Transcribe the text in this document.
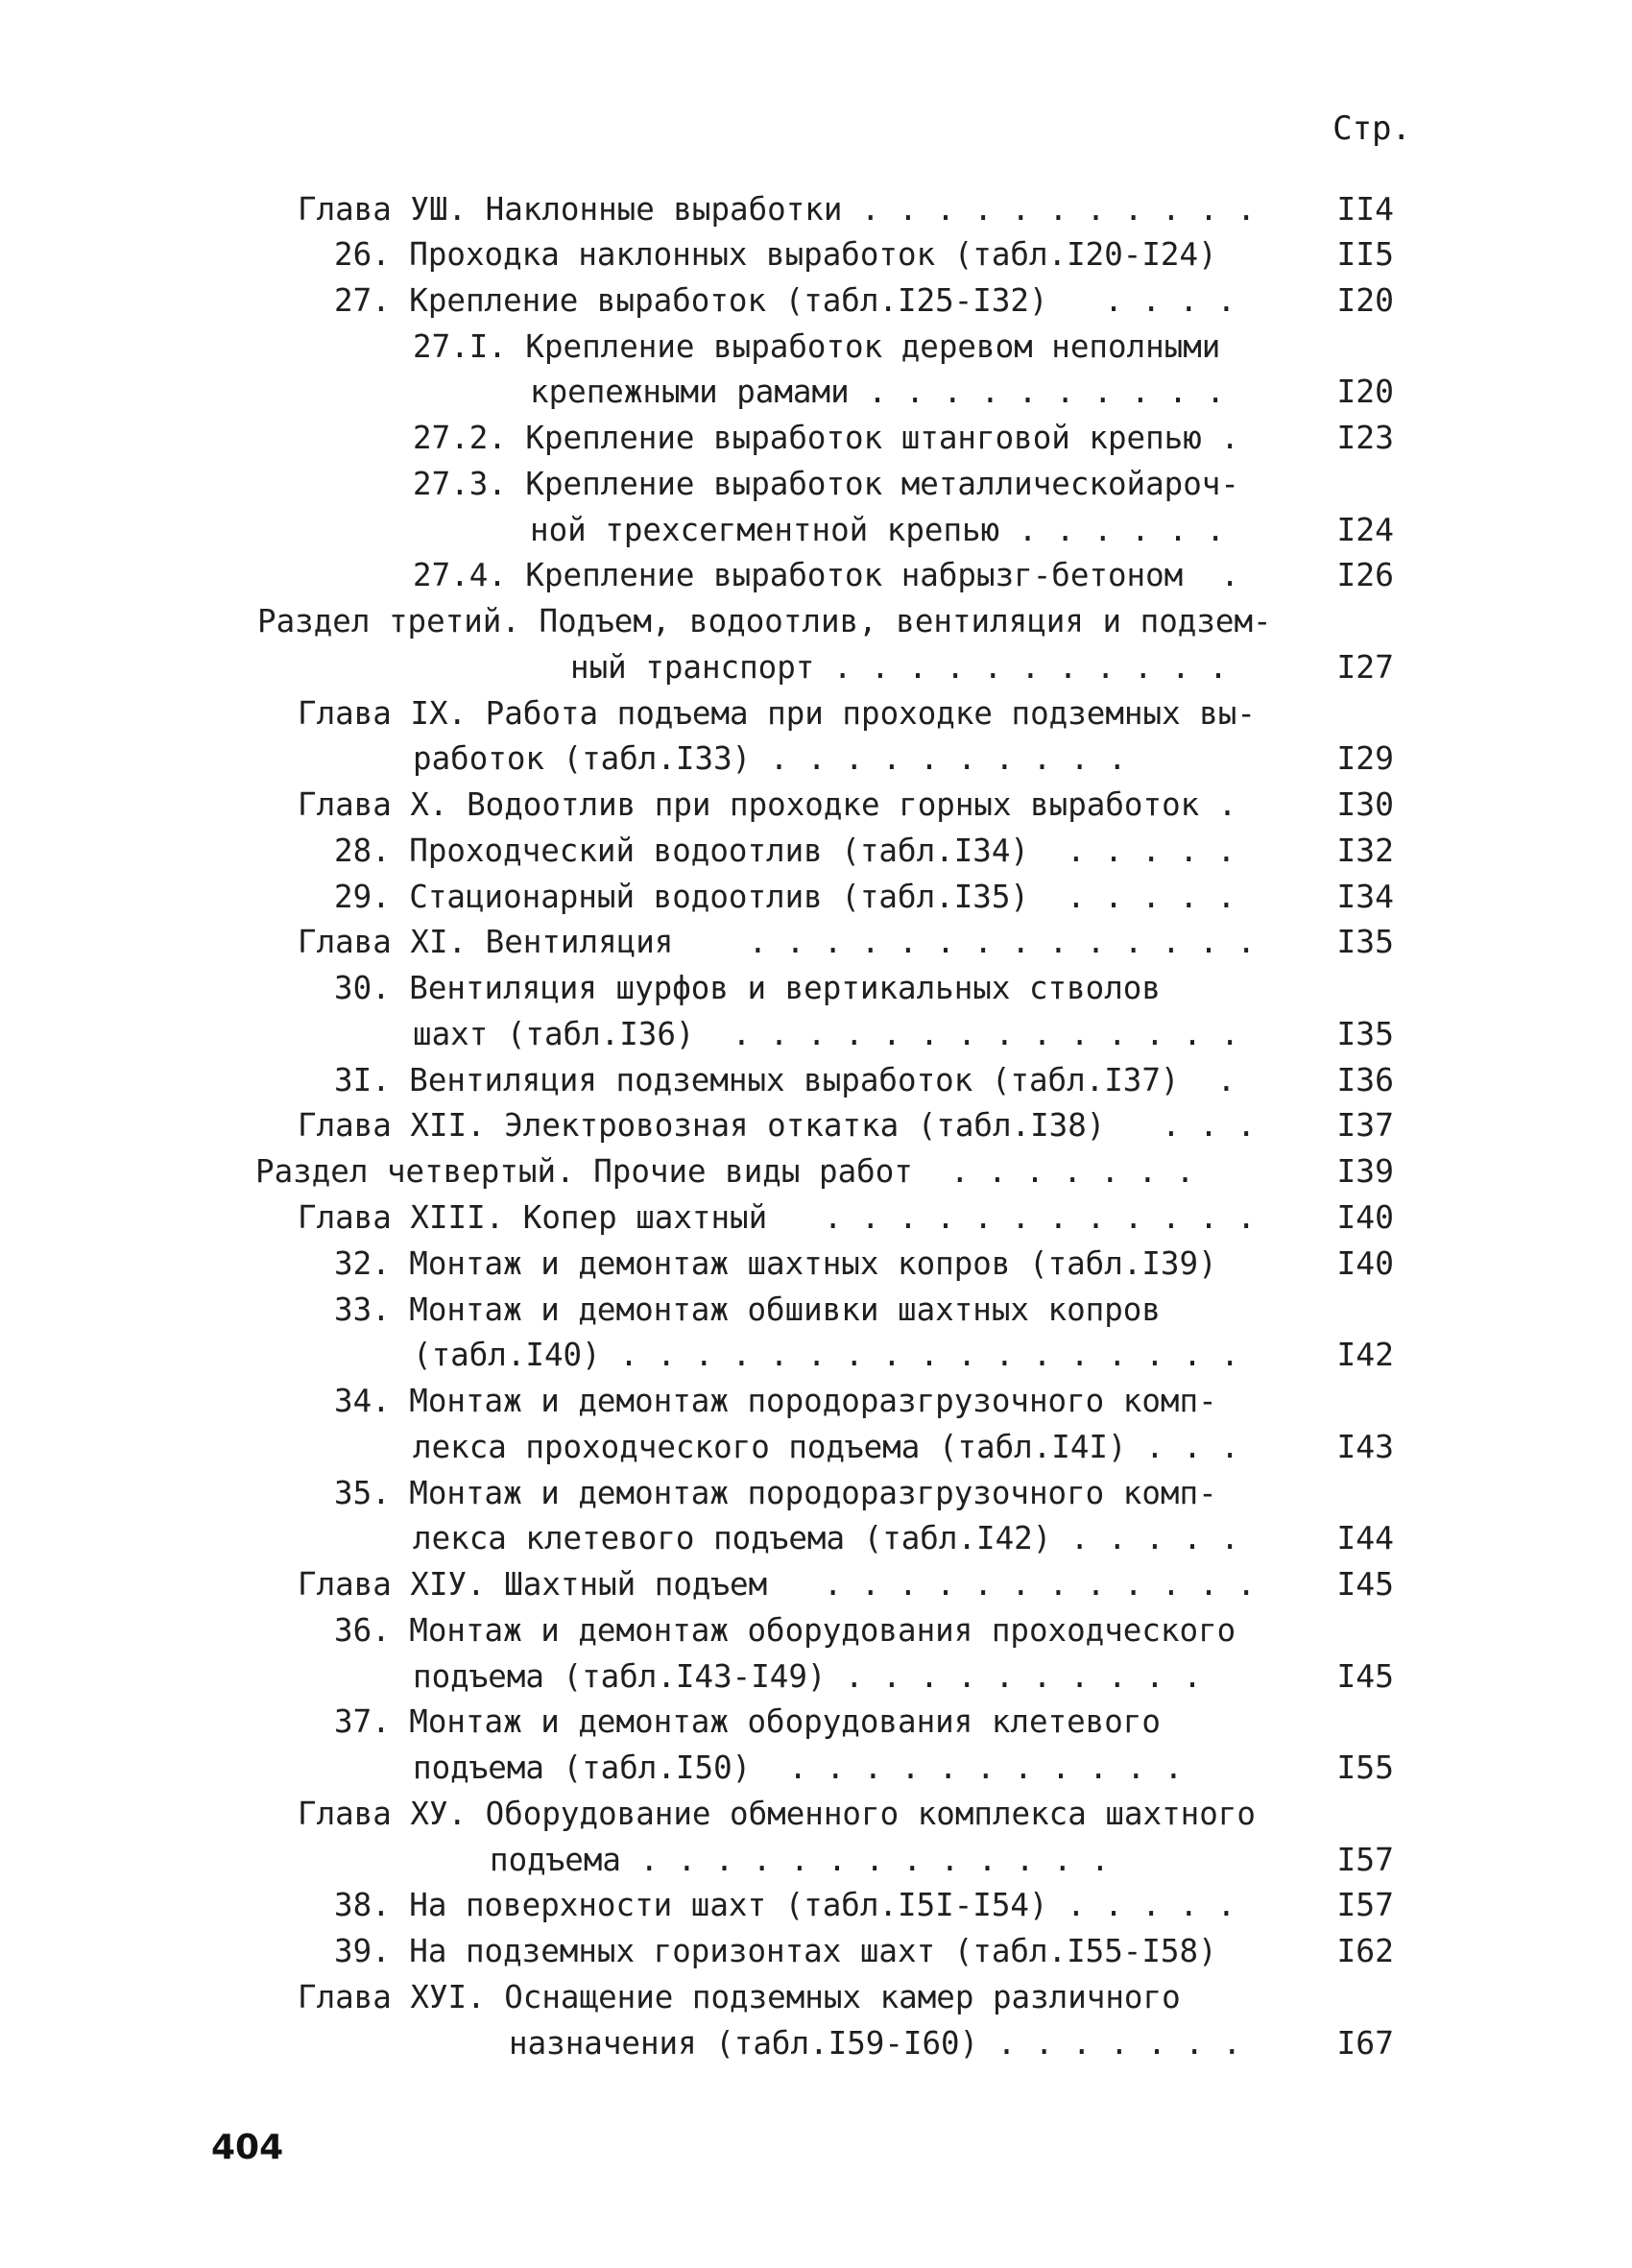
Стр.
Глава УШ. Наклонные выработки . . . . . . . . . . .	II4
26. Проходка наклонных выработок (табл.I20-I24)	II5
27. Крепление выработок (табл.I25-I32)   . . . .	I20
27.I. Крепление выработок деревом неполными
крепежными рамами . . . . . . . . . .	I20
27.2. Крепление выработок штанговой крепью .	I23
27.3. Крепление выработок металлическойароч-
ной трехсегментной крепью . . . . . .	I24
27.4. Крепление выработок набрызг-бетоном  .	I26
Раздел третий. Подъем, водоотлив, вентиляция и подзем-
ный транспорт . . . . . . . . . . .	I27
Глава IX. Работа подъема при проходке подземных вы-
работок (табл.I33) . . . . . . . . . .	I29
Глава X. Водоотлив при проходке горных выработок .	I30
28. Проходческий водоотлив (табл.I34)  . . . . .	I32
29. Стационарный водоотлив (табл.I35)  . . . . .	I34
Глава XI. Вентиляция    . . . . . . . . . . . . . .	I35
30. Вентиляция шурфов и вертикальных стволов
шахт (табл.I36)  . . . . . . . . . . . . . .	I35
3I. Вентиляция подземных выработок (табл.I37)  .	I36
Глава XII. Электровозная откатка (табл.I38)   . . .	I37
Раздел четвертый. Прочие виды работ  . . . . . . .	I39
Глава XIII. Копер шахтный   . . . . . . . . . . . .	I40
32. Монтаж и демонтаж шахтных копров (табл.I39)	I40
33. Монтаж и демонтаж обшивки шахтных копров
(табл.I40) . . . . . . . . . . . . . . . . .	I42
34. Монтаж и демонтаж породоразгрузочного комп-
лекса проходческого подъема (табл.I4I) . . .	I43
35. Монтаж и демонтаж породоразгрузочного комп-
лекса клетевого подъема (табл.I42) . . . . .	I44
Глава XIУ. Шахтный подъем   . . . . . . . . . . . .	I45
36. Монтаж и демонтаж оборудования проходческого
подъема (табл.I43-I49) . . . . . . . . . .	I45
37. Монтаж и демонтаж оборудования клетевого
подъема (табл.I50)  . . . . . . . . . . .	I55
Глава ХУ. Оборудование обменного комплекса шахтного
подъема . . . . . . . . . . . . .	I57
38. На поверхности шахт (табл.I5I-I54) . . . . .	I57
39. На подземных горизонтах шахт (табл.I55-I58)	I62
Глава ХУI. Оснащение подземных камер различного
назначения (табл.I59-I60) . . . . . . .	I67
404
